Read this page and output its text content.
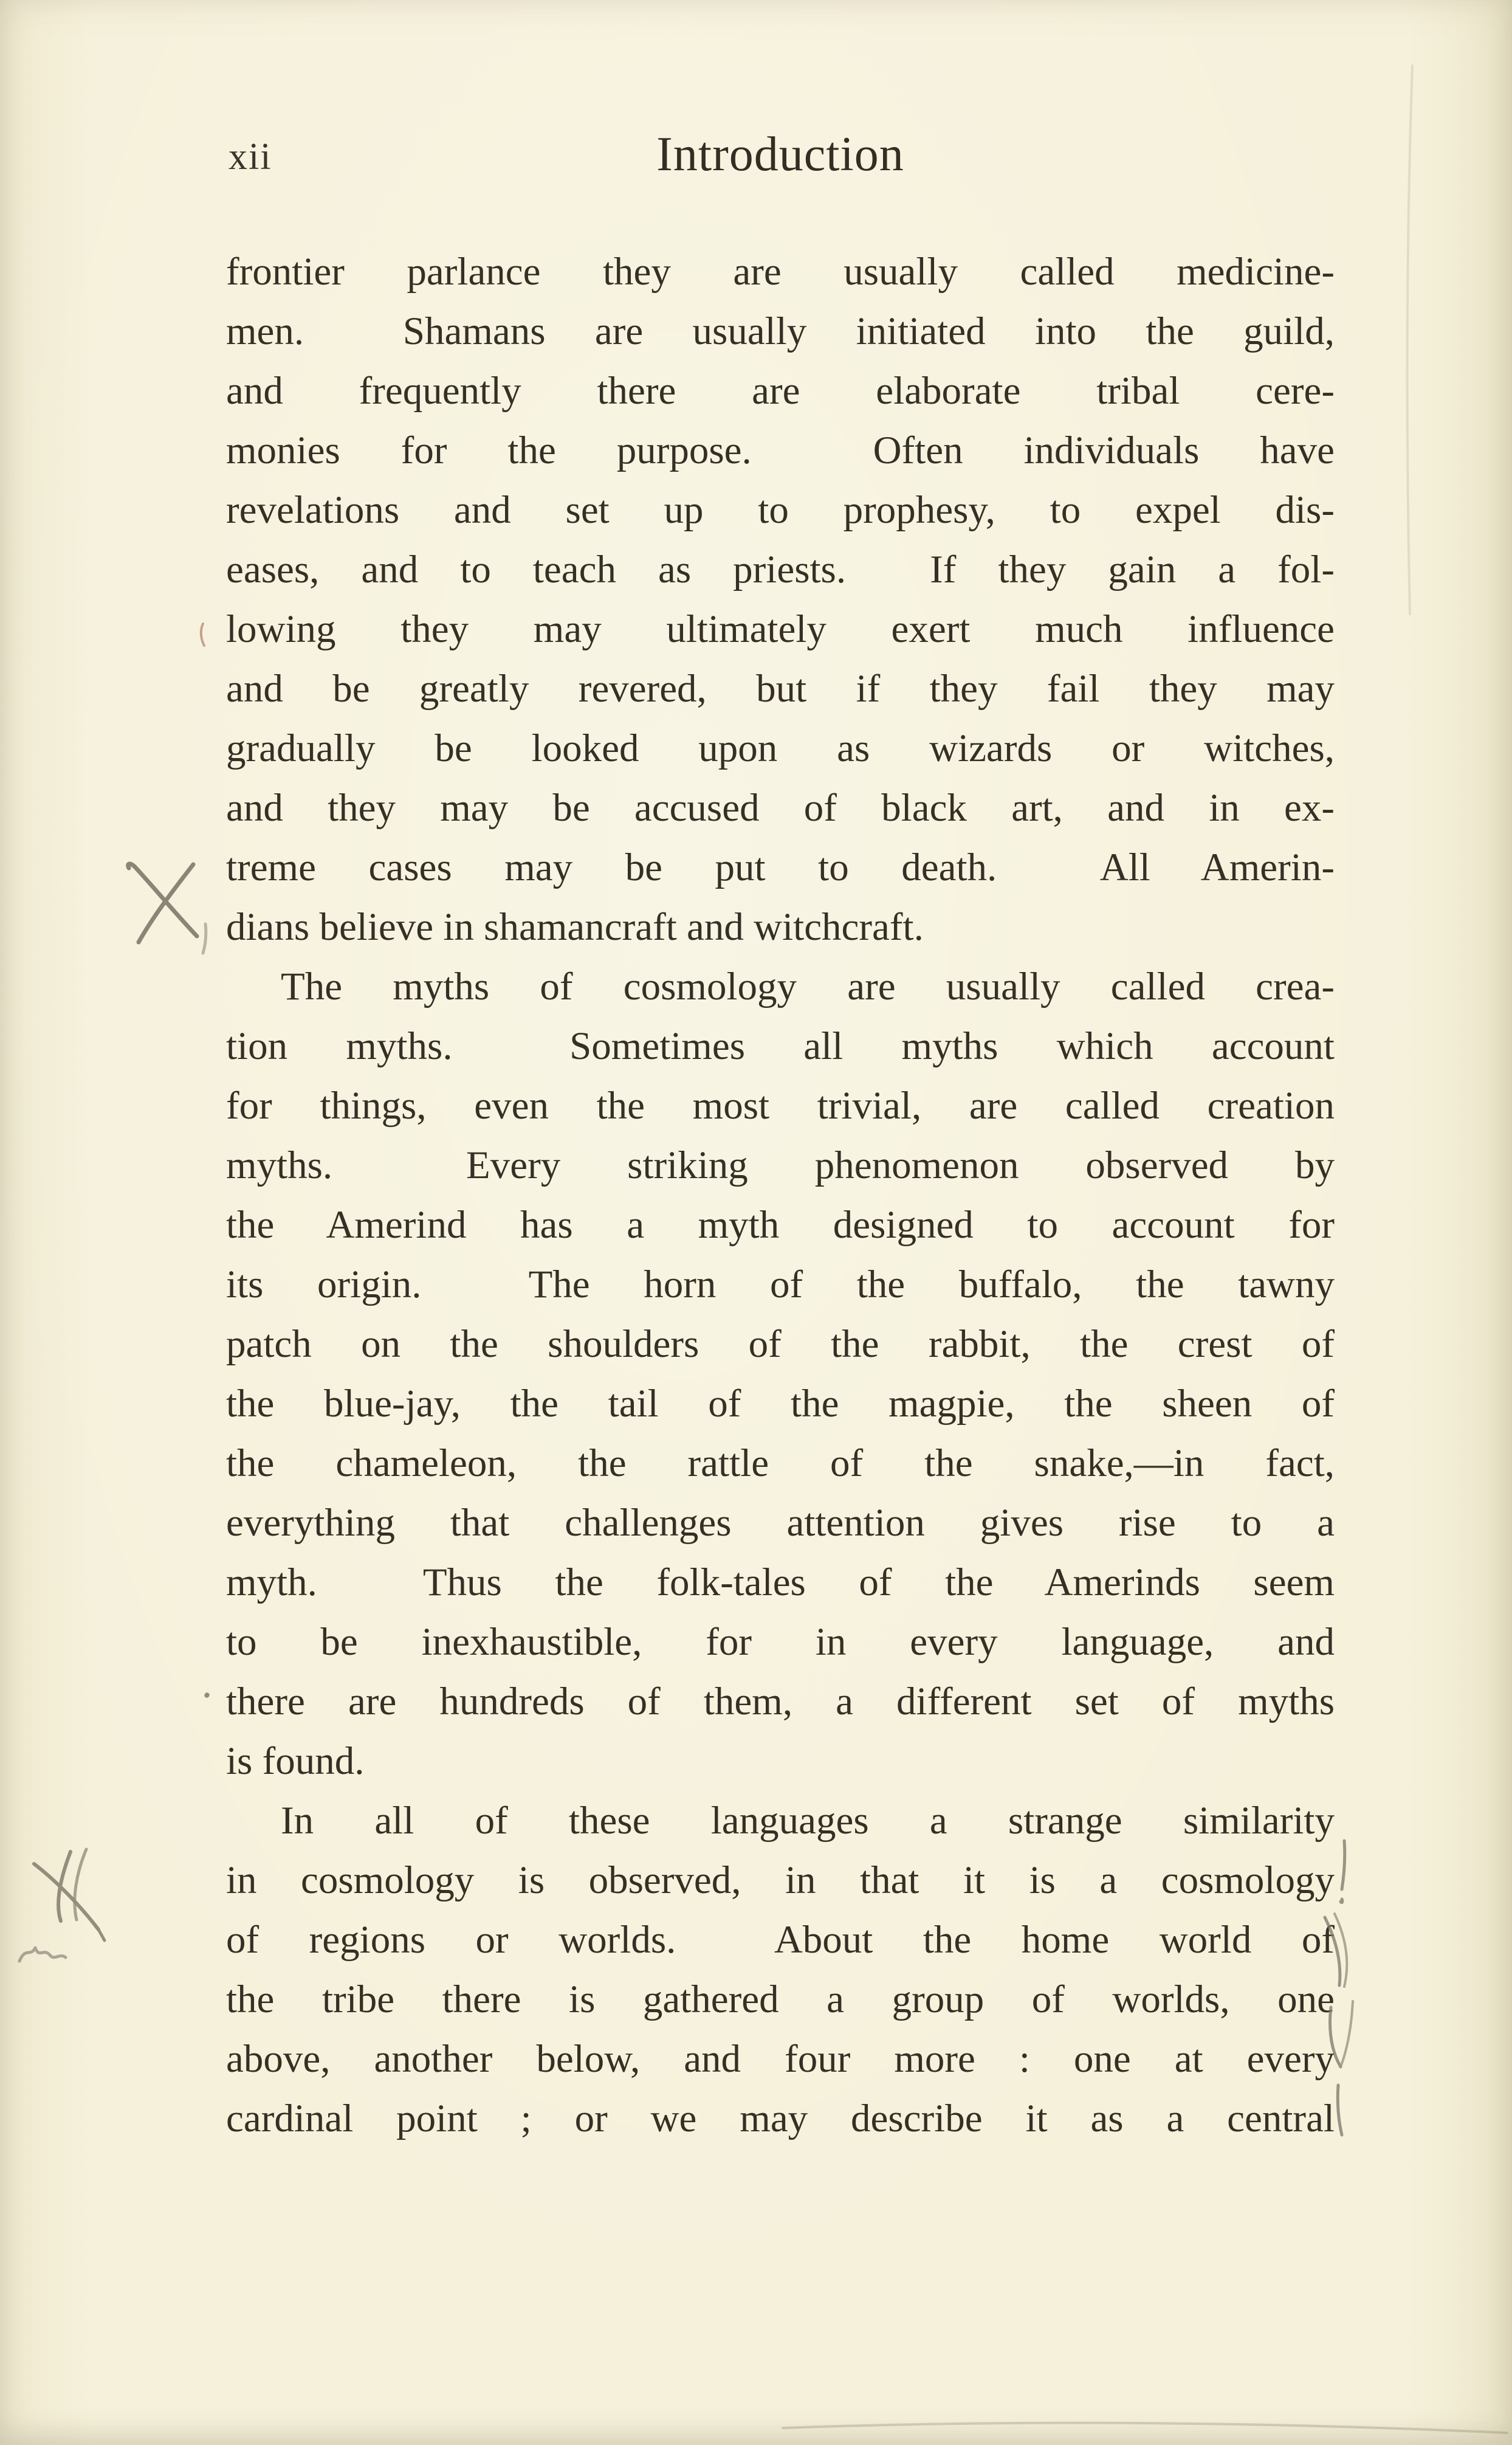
xii	Introduction
frontier parlance they are usually called medicine-
men.  Shamans are usually initiated into the guild,
and frequently there are elaborate tribal cere-
monies for the purpose.  Often individuals have
revelations and set up to prophesy, to expel dis-
eases, and to teach as priests.  If they gain a fol-
lowing they may ultimately exert much influence
and be greatly revered, but if they fail they may
gradually be looked upon as wizards or witches,
and they may be accused of black art, and in ex-
treme cases may be put to death.  All Amerin-
dians believe in shamancraft and witchcraft.
The myths of cosmology are usually called crea-
tion myths.  Sometimes all myths which account
for things, even the most trivial, are called creation
myths.  Every striking phenomenon observed by
the Amerind has a myth designed to account for
its origin.  The horn of the buffalo, the tawny
patch on the shoulders of the rabbit, the crest of
the blue-jay, the tail of the magpie, the sheen of
the chameleon, the rattle of the snake,—in fact,
everything that challenges attention gives rise to a
myth.  Thus the folk-tales of the Amerinds seem
to be inexhaustible, for in every language, and
there are hundreds of them, a different set of myths
is found.
In all of these languages a strange similarity
in cosmology is observed, in that it is a cosmology
of regions or worlds.  About the home world of
the tribe there is gathered a group of worlds, one
above, another below, and four more : one at every
cardinal point ; or we may describe it as a central
